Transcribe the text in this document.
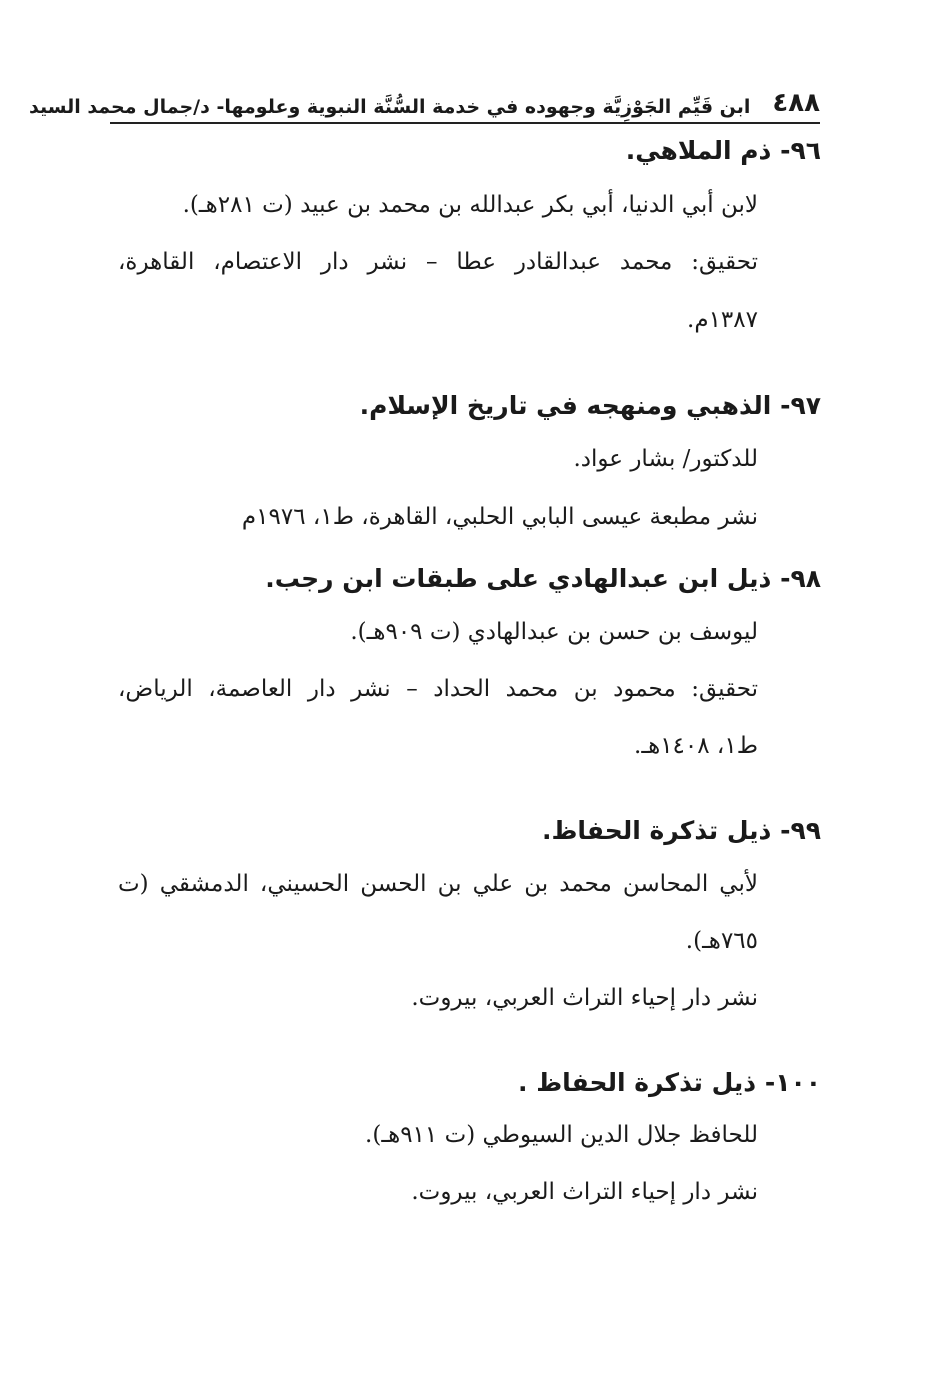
٤٨٨
ابن قَيِّم الجَوْزِيَّة وجهوده في خدمة السُّنَّة النبوية وعلومها- د/جمال محمد السيد
٩٦- ذم الملاهي.
لابن أبي الدنيا، أبي بكر عبدالله بن محمد بن عبيد (ت ٢٨١هـ).
تحقيق: محمد عبدالقادر عطا – نشر دار الاعتصام، القاهرة،
١٣٨٧م.
٩٧- الذهبي ومنهجه في تاريخ الإسلام.
للدكتور/ بشار عواد.
نشر مطبعة عيسى البابي الحلبي، القاهرة، ط١، ١٩٧٦م
٩٨- ذيل ابن عبدالهادي على طبقات ابن رجب.
ليوسف بن حسن بن عبدالهادي (ت ٩٠٩هـ).
تحقيق: محمود بن محمد الحداد – نشر دار العاصمة، الرياض،
ط١، ١٤٠٨هـ.
٩٩- ذيل تذكرة الحفاظ.
لأبي المحاسن محمد بن علي بن الحسن الحسيني، الدمشقي (ت
٧٦٥هـ).
نشر دار إحياء التراث العربي، بيروت.
١٠٠- ذيل تذكرة الحفاظ .
للحافظ جلال الدين السيوطي (ت ٩١١هـ).
نشر دار إحياء التراث العربي، بيروت.
